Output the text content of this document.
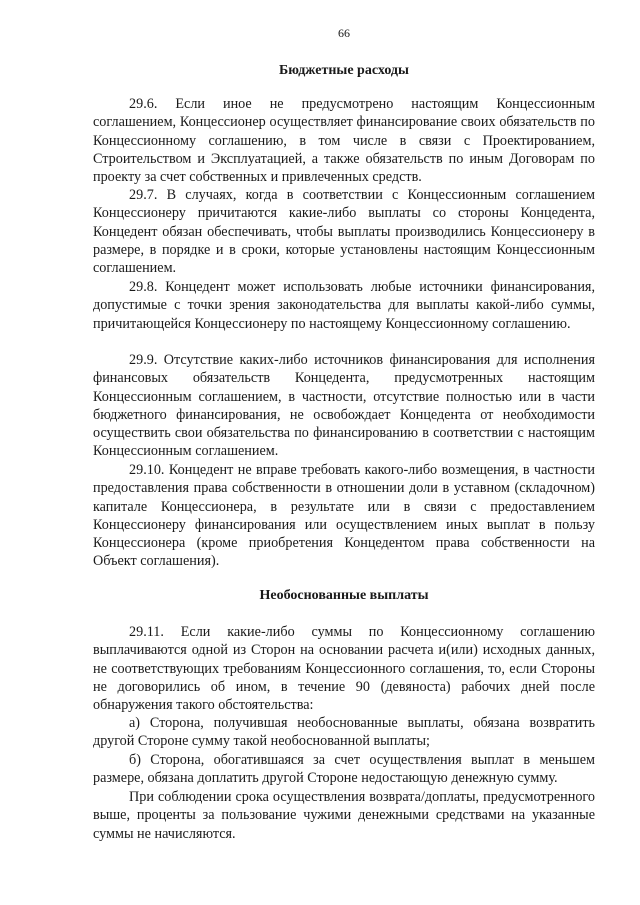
66
Бюджетные расходы

29.6. Если иное не предусмотрено настоящим Концессионным соглашением, Концессионер осуществляет финансирование своих обязательств по Концессионному соглашению, в том числе в связи с Проектированием, Строительством и Эксплуатацией, а также обязательств по иным Договорам по проекту за счет собственных и привлеченных средств.

29.7. В случаях, когда в соответствии с Концессионным соглашением Концессионеру причитаются какие-либо выплаты со стороны Концедента, Концедент обязан обеспечивать, чтобы выплаты производились Концессионеру в размере, в порядке и в сроки, которые установлены настоящим Концессионным соглашением.

29.8. Концедент может использовать любые источники финансирования, допустимые с точки зрения законодательства для выплаты какой-либо суммы, причитающейся Концессионеру по настоящему Концессионному соглашению.

29.9. Отсутствие каких-либо источников финансирования для исполнения финансовых обязательств Концедента, предусмотренных настоящим Концессионным соглашением, в частности, отсутствие полностью или в части бюджетного финансирования, не освобождает Концедента от необходимости осуществить свои обязательства по финансированию в соответствии с настоящим Концессионным соглашением.

29.10. Концедент не вправе требовать какого-либо возмещения, в частности предоставления права собственности в отношении доли в уставном (складочном) капитале Концессионера, в результате или в связи с предоставлением Концессионеру финансирования или осуществлением иных выплат в пользу Концессионера (кроме приобретения Концедентом права собственности на Объект соглашения).

Необоснованные выплаты

29.11. Если какие-либо суммы по Концессионному соглашению выплачиваются одной из Сторон на основании расчета и(или) исходных данных, не соответствующих требованиям Концессионного соглашения, то, если Стороны не договорились об ином, в течение 90 (девяноста) рабочих дней после обнаружения такого обстоятельства:

а) Сторона, получившая необоснованные выплаты, обязана возвратить другой Стороне сумму такой необоснованной выплаты;

б) Сторона, обогатившаяся за счет осуществления выплат в меньшем размере, обязана доплатить другой Стороне недостающую денежную сумму.

При соблюдении срока осуществления возврата/доплаты, предусмотренного выше, проценты за пользование чужими денежными средствами на указанные суммы не начисляются.
